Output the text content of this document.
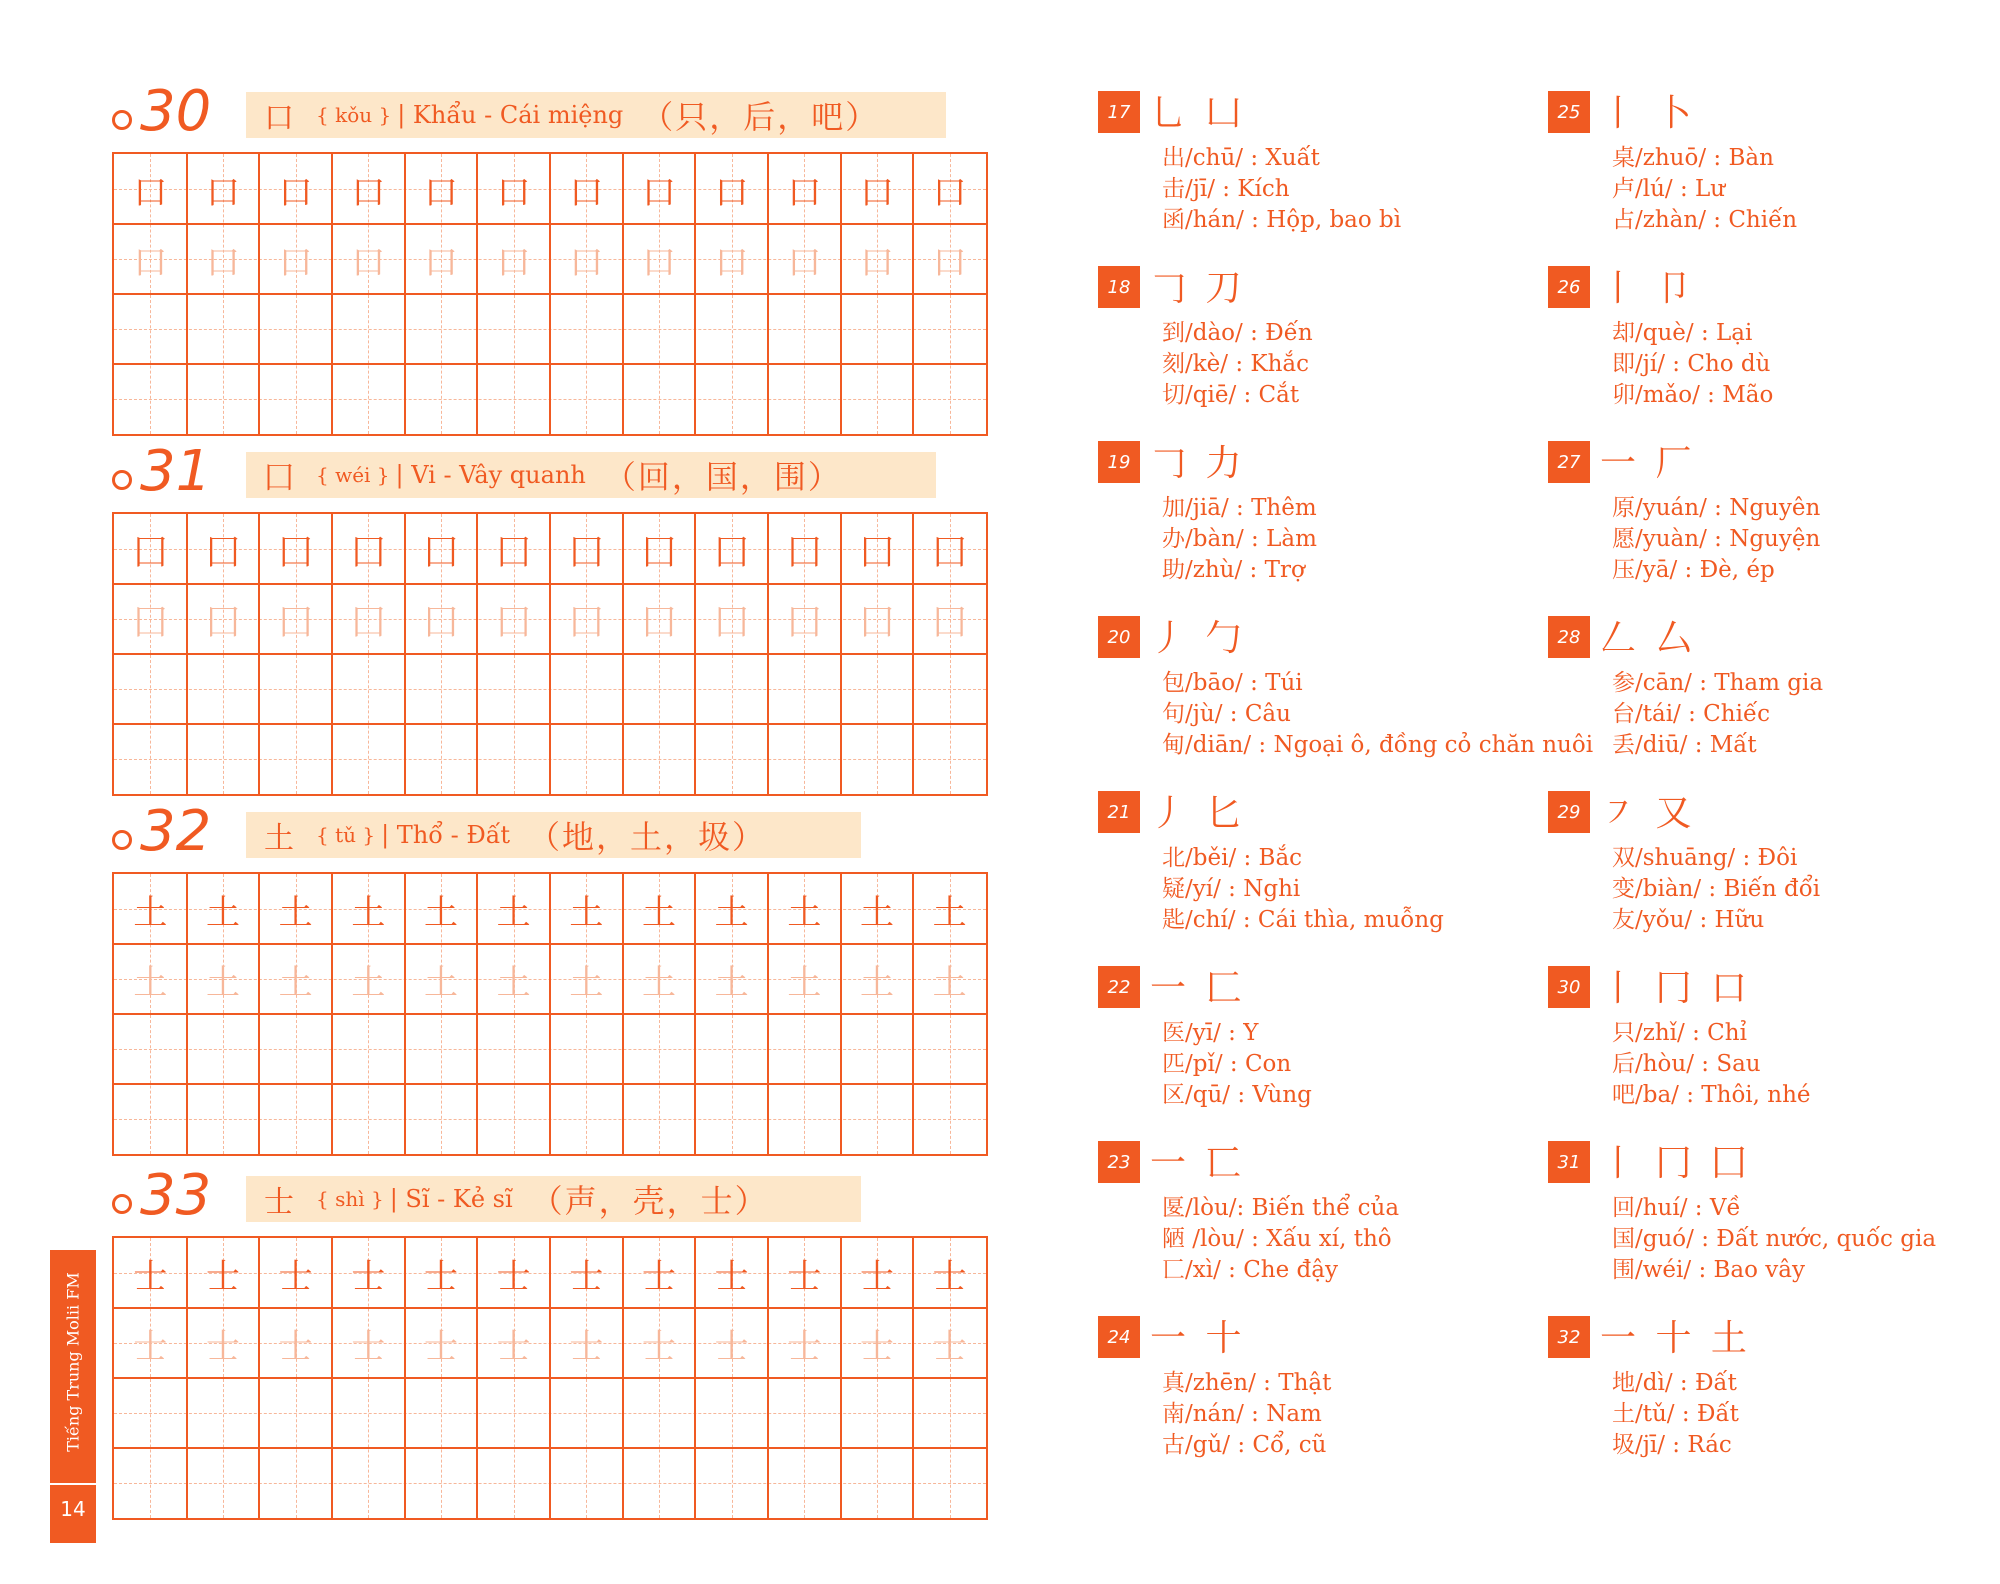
30 口 { kǒu } | Khẩu - Cái miệng （只，后，吧）
口	口	口	口	口	口	口	口	口	口	口	口
口	口	口	口	口	口	口	口	口	口	口	口
31 囗 { wéi } | Vi - Vây quanh （回，国，围）
囗	囗	囗	囗	囗	囗	囗	囗	囗	囗	囗	囗
囗	囗	囗	囗	囗	囗	囗	囗	囗	囗	囗	囗
32 土 { tǔ } | Thổ - Đất （地，土，圾）
土	土	土	土	土	土	土	土	土	土	土	土
土	土	土	土	土	土	土	土	土	土	土	土
33 士 { shì } | Sĩ - Kẻ sĩ （声，壳，士）
士	士	士	士	士	士	士	士	士	士	士	士
士	士	士	士	士	士	士	士	士	士	士	士
Tiếng Trung Molii FM
14
17 乚 凵
出/chū/ : Xuất
击/jī/ : Kích
函/hán/ : Hộp, bao bì
18 𠃌 刀
到/dào/ : Đến
刻/kè/ : Khắc
切/qiē/ : Cắt
19 𠃌 力
加/jiā/ : Thêm
办/bàn/ : Làm
助/zhù/ : Trợ
20 丿 勹
包/bāo/ : Túi
句/jù/ : Câu
甸/diān/ : Ngoại ô, đồng cỏ chăn nuôi
21 丿 匕
北/běi/ : Bắc
疑/yí/ : Nghi
匙/chí/ : Cái thìa, muỗng
22 一 匚
医/yī/ : Y
匹/pǐ/ : Con
区/qū/ : Vùng
23 一 匸
匽/lòu/: Biến thể của
陋 /lòu/ : Xấu xí, thô
匸/xì/ : Che đậy
24 一 十
真/zhēn/ : Thật
南/nán/ : Nam
古/gǔ/ : Cổ, cũ
25 丨 卜
桌/zhuō/ : Bàn
卢/lú/ : Lư
占/zhàn/ : Chiến
26 丨 卩
却/què/ : Lại
即/jí/ : Cho dù
卯/mǎo/ : Mão
27 一 厂
原/yuán/ : Nguyên
愿/yuàn/ : Nguyện
压/yā/ : Đè, ép
28 𠃋 厶
参/cān/ : Tham gia
台/tái/ : Chiếc
丢/diū/ : Mất
29 ㇇ 又
双/shuāng/ : Đôi
变/biàn/ : Biến đổi
友/yǒu/ : Hữu
30 丨 冂 口
只/zhǐ/ : Chỉ
后/hòu/ : Sau
吧/ba/ : Thôi, nhé
31 丨 冂 囗
回/huí/ : Về
国/guó/ : Đất nước, quốc gia
围/wéi/ : Bao vây
32 一 十 土
地/dì/ : Đất
土/tǔ/ : Đất
圾/jī/ : Rác
